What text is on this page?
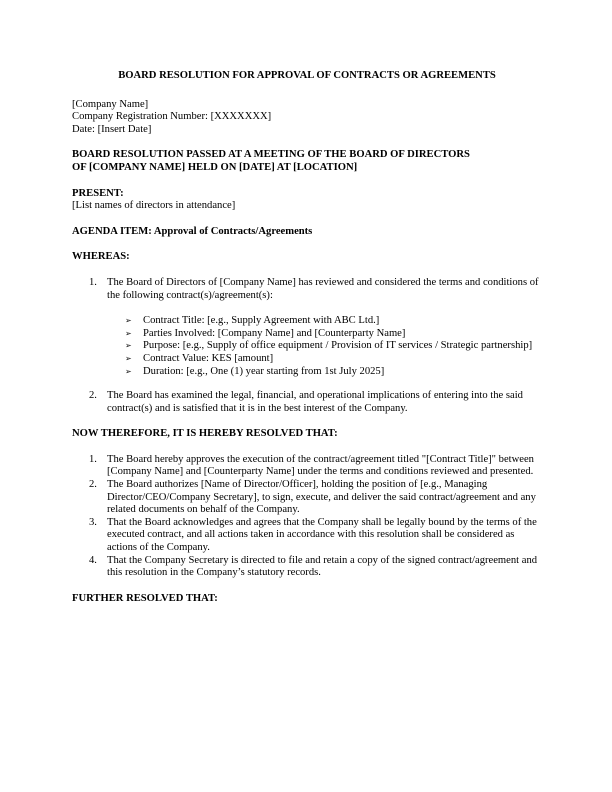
BOARD RESOLUTION FOR APPROVAL OF CONTRACTS OR AGREEMENTS
[Company Name]
Company Registration Number: [XXXXXXX]
Date: [Insert Date]
BOARD RESOLUTION PASSED AT A MEETING OF THE BOARD OF DIRECTORS
OF [COMPANY NAME] HELD ON [DATE] AT [LOCATION]
PRESENT:
[List names of directors in attendance]
AGENDA ITEM: Approval of Contracts/Agreements
WHEREAS:
1. The Board of Directors of [Company Name] has reviewed and considered the terms and conditions of the following contract(s)/agreement(s):
➢ Contract Title: [e.g., Supply Agreement with ABC Ltd.]
➢ Parties Involved: [Company Name] and [Counterparty Name]
➢ Purpose: [e.g., Supply of office equipment / Provision of IT services / Strategic partnership]
➢ Contract Value: KES [amount]
➢ Duration: [e.g., One (1) year starting from 1st July 2025]
2. The Board has examined the legal, financial, and operational implications of entering into the said contract(s) and is satisfied that it is in the best interest of the Company.
NOW THEREFORE, IT IS HEREBY RESOLVED THAT:
1. The Board hereby approves the execution of the contract/agreement titled "[Contract Title]" between [Company Name] and [Counterparty Name] under the terms and conditions reviewed and presented.
2. The Board authorizes [Name of Director/Officer], holding the position of [e.g., Managing Director/CEO/Company Secretary], to sign, execute, and deliver the said contract/agreement and any related documents on behalf of the Company.
3. That the Board acknowledges and agrees that the Company shall be legally bound by the terms of the executed contract, and all actions taken in accordance with this resolution shall be considered as actions of the Company.
4. That the Company Secretary is directed to file and retain a copy of the signed contract/agreement and this resolution in the Company’s statutory records.
FURTHER RESOLVED THAT:
